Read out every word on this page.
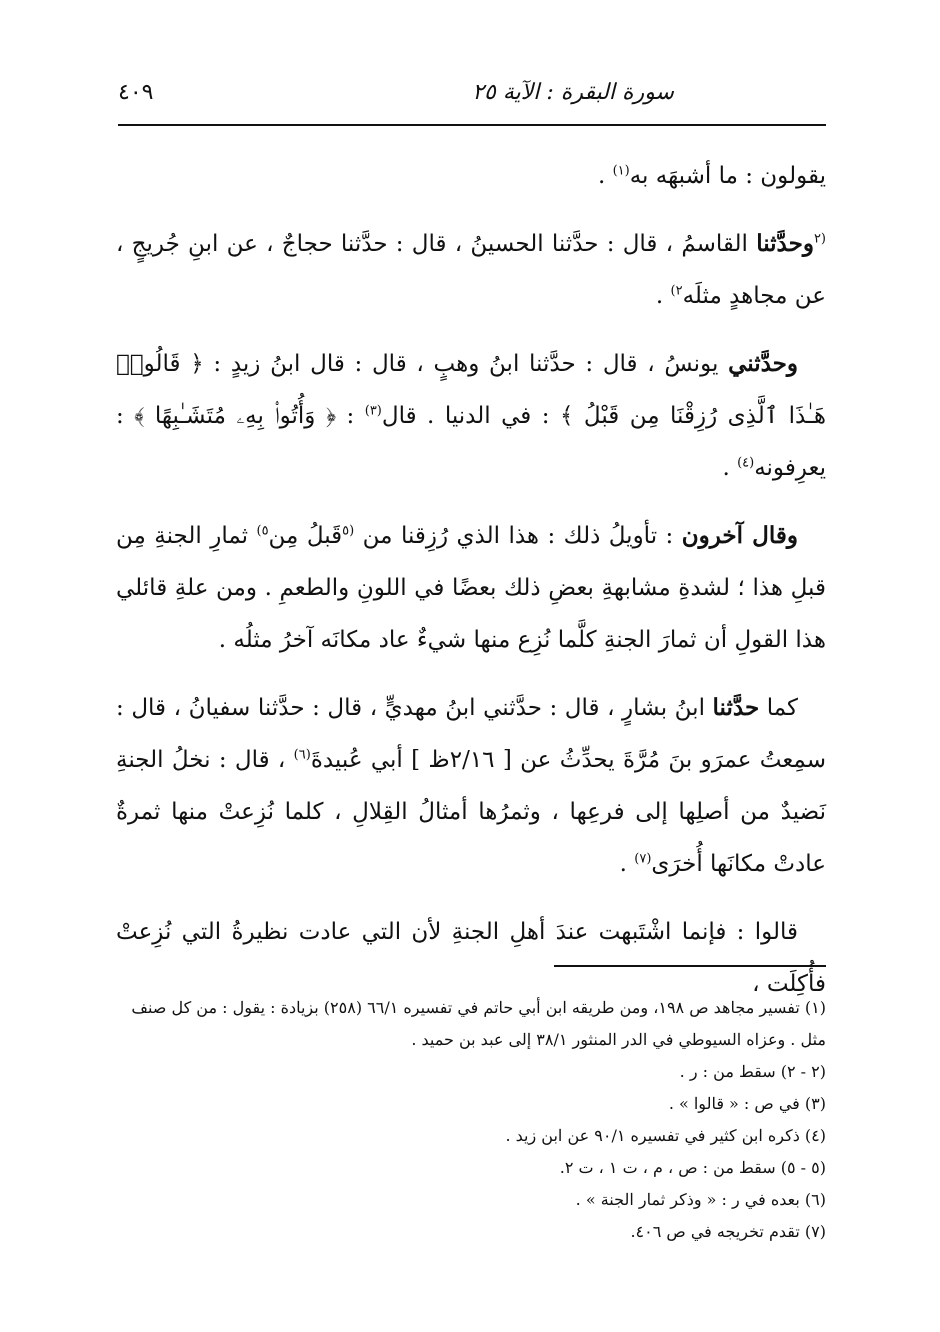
سورة البقرة : الآية ٢٥
٤٠٩

يقولون : ما أشبهَه به$^{(١)}$ .

$^{(٢}$وحدَّثنا القاسمُ ، قال : حدَّثنا الحسينُ ، قال : حدَّثنا حجاجٌ ، عن ابنِ جُريجٍ ، عن مجاهدٍ مثلَه$^{٢)}$ .

وحدَّثني يونسُ ، قال : حدَّثنا ابنُ وهبٍ ، قال : قال ابنُ زيدٍ : ﴿ قَالُوا۟ هَـٰذَا ٱلَّذِى رُزِقْنَا مِن قَبْلُ ﴾ : في الدنيا . قال$^{(٣)}$ : ﴿ وَأُتُوا۟ بِهِۦ مُتَشَـٰبِهًا ﴾ : يعرِفونه$^{(٤)}$ .

وقال آخرون : تأويلُ ذلك : هذا الذي رُزِقنا من $^{(٥}$قَبلُ مِن$^{٥)}$ ثمارِ الجنةِ مِن قبلِ هذا ؛ لشدةِ مشابهةِ بعضِ ذلك بعضًا في اللونِ والطعمِ . ومن علةِ قائلي هذا القولِ أن ثمارَ الجنةِ كلَّما نُزِع منها شيءٌ عاد مكانَه آخرُ مثلُه .

كما حدَّثنا ابنُ بشارٍ ، قال : حدَّثني ابنُ مهديٍّ ، قال : حدَّثنا سفيانُ ، قال : سمِعتُ عمرَو بنَ مُرَّةَ يحدِّثُ عن [ ٢/١٦ظ ] أبي عُبيدةَ$^{(٦)}$ ، قال : نخلُ الجنةِ نَضيدٌ من أصلِها إلى فرعِها ، وثمرُها أمثالُ القِلالِ ، كلما نُزِعتْ منها ثمرةٌ عادتْ مكانَها أُخرَى$^{(٧)}$ .

قالوا : فإنما اشْتَبهت عندَ أهلِ الجنةِ لأن التي عادت نظيرةُ التي نُزِعتْ فأُكِلَت ،

(١) تفسير مجاهد ص ١٩٨، ومن طريقه ابن أبي حاتم في تفسيره ٦٦/١ (٢٥٨) بزيادة : يقول : من كل صنف مثل . وعزاه السيوطي في الدر المنثور ٣٨/١ إلى عبد بن حميد .

(٢ - ٢) سقط من : ر .

(٣) في ص : « قالوا » .

(٤) ذكره ابن كثير في تفسيره ٩٠/١ عن ابن زيد .

(٥ - ٥) سقط من : ص ، م ، ت ١ ، ت ٢.

(٦) بعده في ر : « وذكر ثمار الجنة » .

(٧) تقدم تخريجه في ص ٤٠٦.
